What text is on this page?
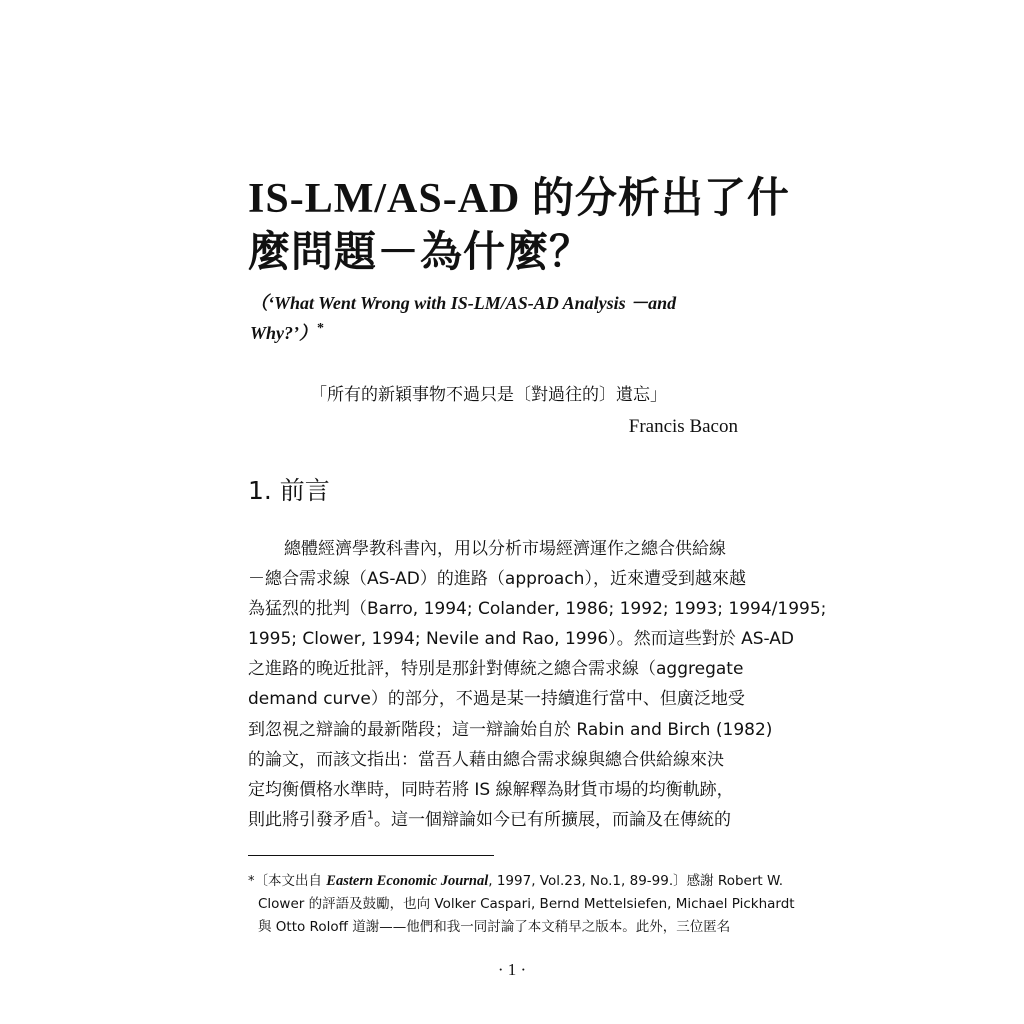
IS-LM/AS-AD 的分析出了什
麼問題－為什麼？
（‘What Went Wrong with IS-LM/AS-AD Analysis －and
Why?’）*
「所有的新穎事物不過只是〔對過往的〕遺忘」
Francis Bacon
1. 前言
總體經濟學教科書內，用以分析市場經濟運作之總合供給線
－總合需求線（AS-AD）的進路（approach），近來遭受到越來越
為猛烈的批判（Barro, 1994; Colander, 1986; 1992; 1993; 1994/1995;
1995; Clower, 1994; Nevile and Rao, 1996）。然而這些對於 AS-AD
之進路的晚近批評，特別是那針對傳統之總合需求線（aggregate
demand curve）的部分，不過是某一持續進行當中、但廣泛地受
到忽視之辯論的最新階段；這一辯論始自於 Rabin and Birch (1982)
的論文，而該文指出：當吾人藉由總合需求線與總合供給線來決
定均衡價格水準時，同時若將 IS 線解釋為財貨市場的均衡軌跡，
則此將引發矛盾$^1$。這一個辯論如今已有所擴展，而論及在傳統的
*〔本文出自 Eastern Economic Journal, 1997, Vol.23, No.1, 89-99.〕感謝 Robert W.
Clower 的評語及鼓勵，也向 Volker Caspari, Bernd Mettelsiefen, Michael Pickhardt
與 Otto Roloff 道謝——他們和我一同討論了本文稍早之版本。此外，三位匿名
· 1 ·
